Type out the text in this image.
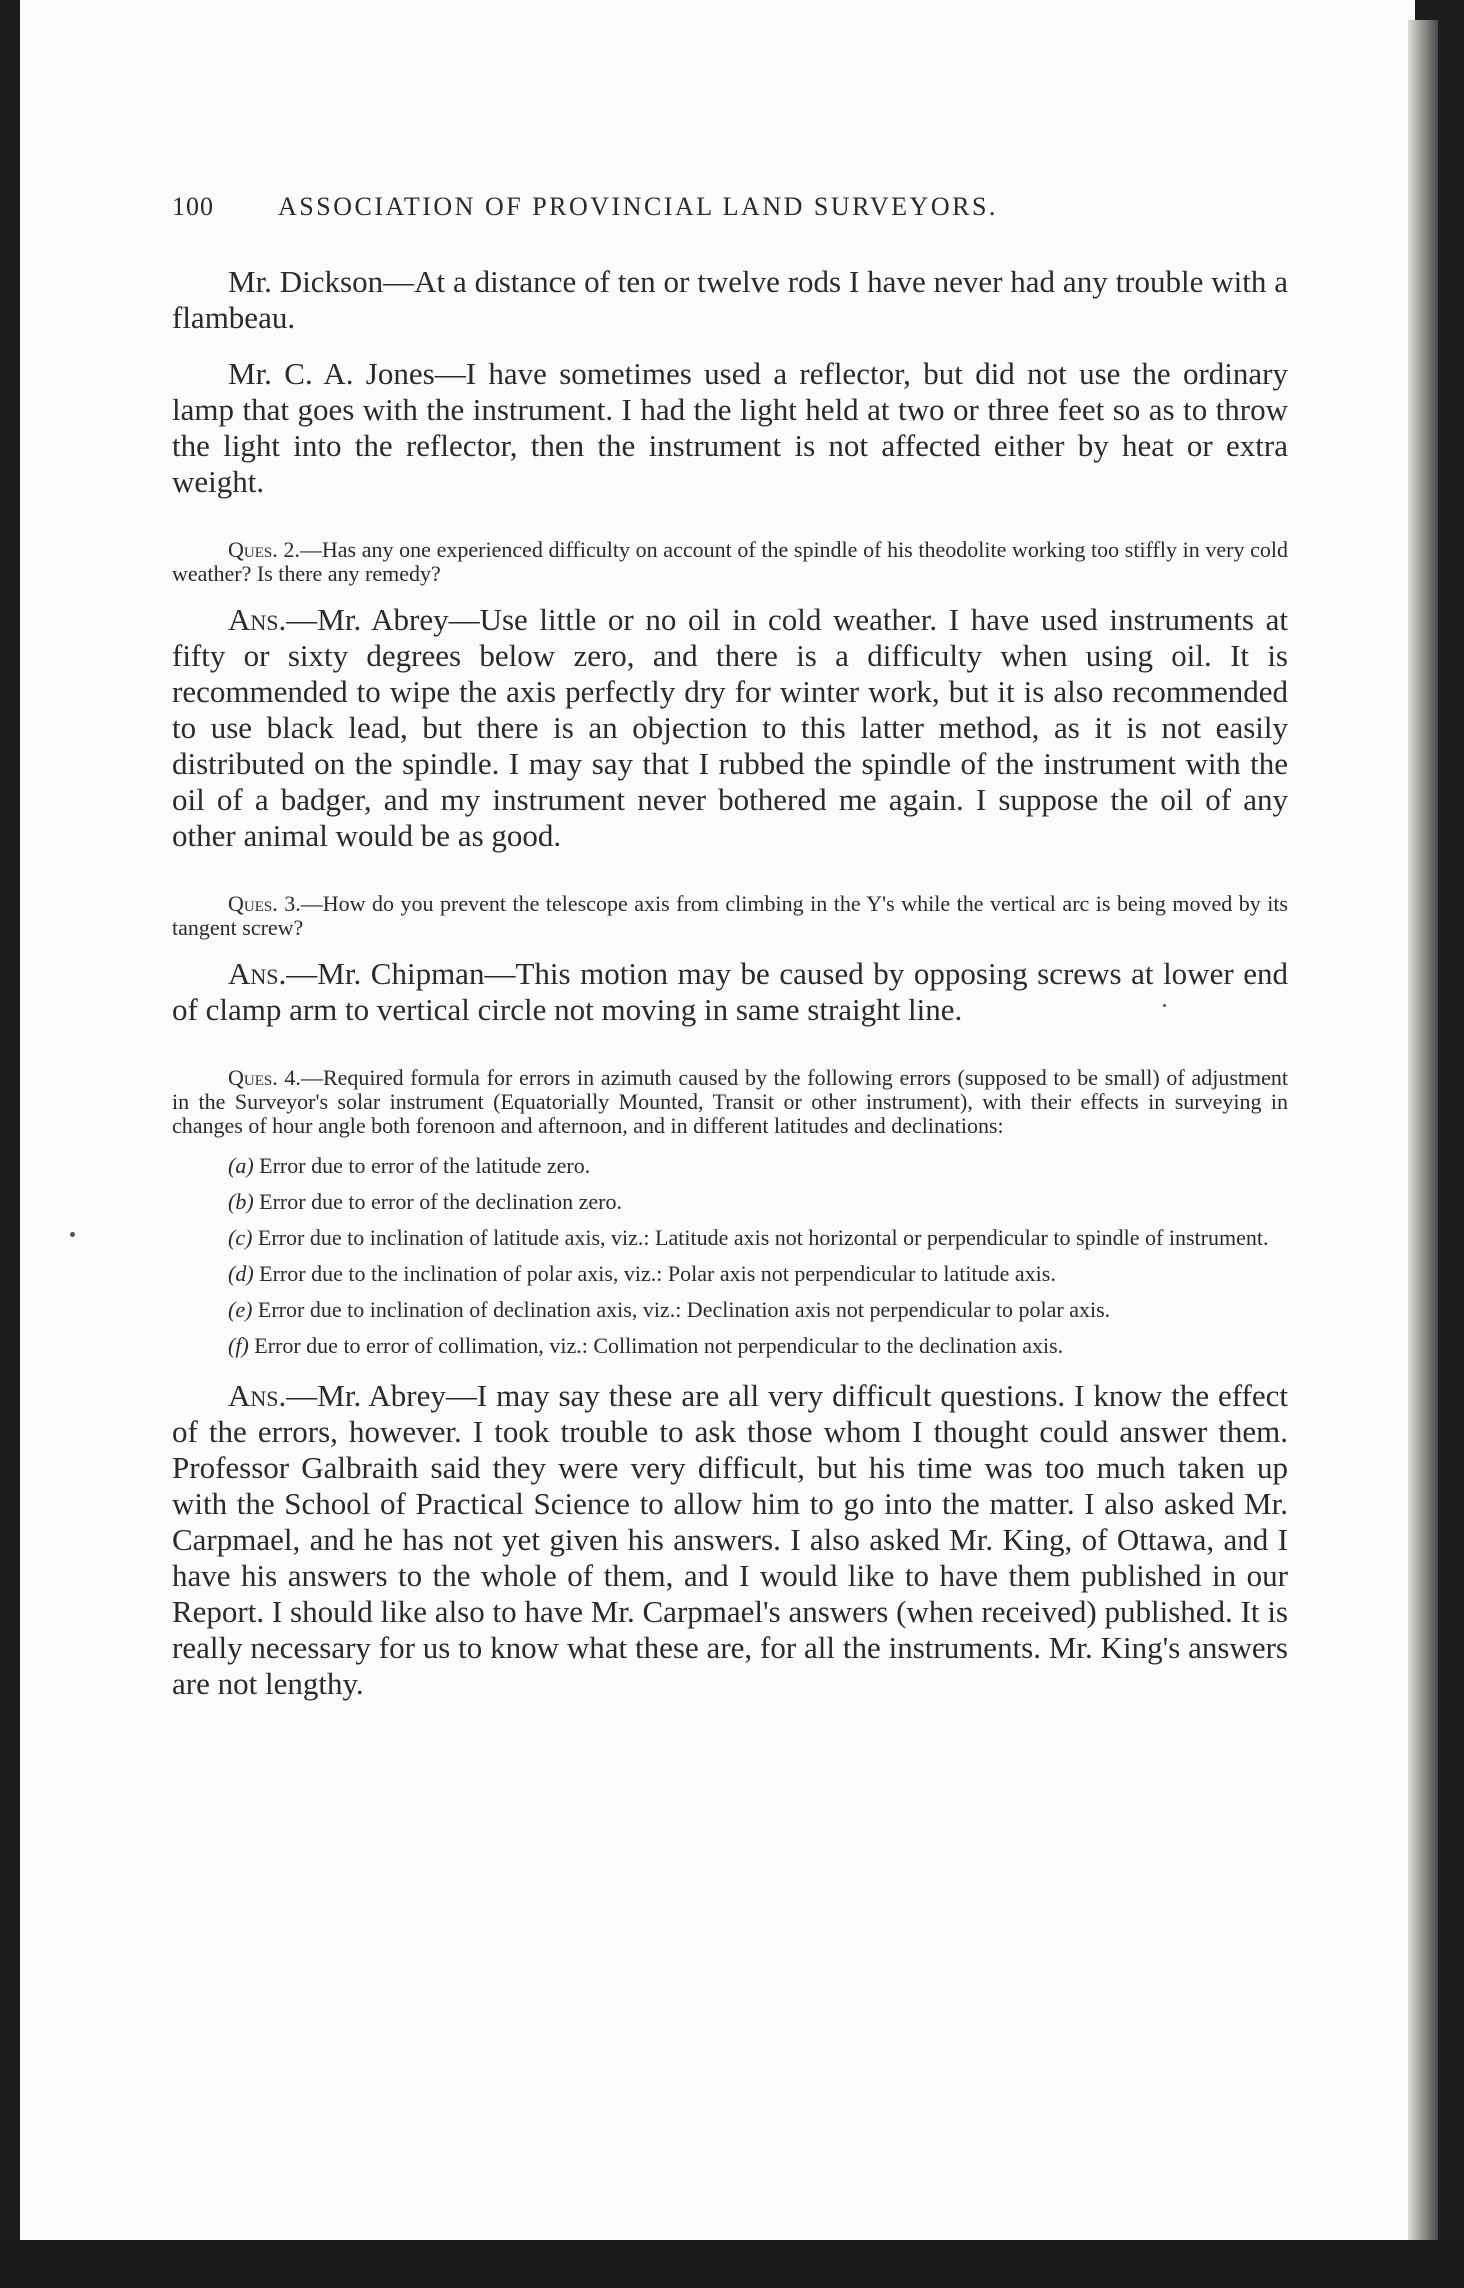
100 ASSOCIATION OF PROVINCIAL LAND SURVEYORS.

Mr. Dickson—At a distance of ten or twelve rods I have never had any trouble with a flambeau.

Mr. C. A. Jones—I have sometimes used a reflector, but did not use the ordinary lamp that goes with the instrument. I had the light held at two or three feet so as to throw the light into the reflector, then the instrument is not affected either by heat or extra weight.

Ques. 2.—Has any one experienced difficulty on account of the spindle of his theodolite working too stiffly in very cold weather? Is there any remedy?

Ans.—Mr. Abrey—Use little or no oil in cold weather. I have used instruments at fifty or sixty degrees below zero, and there is a difficulty when using oil. It is recommended to wipe the axis perfectly dry for winter work, but it is also recommended to use black lead, but there is an objection to this latter method, as it is not easily distributed on the spindle. I may say that I rubbed the spindle of the instrument with the oil of a badger, and my instrument never bothered me again. I suppose the oil of any other animal would be as good.

Ques. 3.—How do you prevent the telescope axis from climbing in the Y's while the vertical arc is being moved by its tangent screw?

Ans.—Mr. Chipman—This motion may be caused by opposing screws at lower end of clamp arm to vertical circle not moving in same straight line.

Ques. 4.—Required formula for errors in azimuth caused by the following errors (supposed to be small) of adjustment in the Surveyor's solar instrument (Equatorially Mounted, Transit or other instrument), with their effects in surveying in changes of hour angle both forenoon and afternoon, and in different latitudes and declinations:

(a) Error due to error of the latitude zero.

(b) Error due to error of the declination zero.

(c) Error due to inclination of latitude axis, viz.: Latitude axis not horizontal or perpendicular to spindle of instrument.

(d) Error due to the inclination of polar axis, viz.: Polar axis not perpendicular to latitude axis.

(e) Error due to inclination of declination axis, viz.: Declination axis not perpendicular to polar axis.

(f) Error due to error of collimation, viz.: Collimation not perpendicular to the declination axis.

Ans.—Mr. Abrey—I may say these are all very difficult questions. I know the effect of the errors, however. I took trouble to ask those whom I thought could answer them. Professor Galbraith said they were very difficult, but his time was too much taken up with the School of Practical Science to allow him to go into the matter. I also asked Mr. Carpmael, and he has not yet given his answers. I also asked Mr. King, of Ottawa, and I have his answers to the whole of them, and I would like to have them published in our Report. I should like also to have Mr. Carpmael's answers (when received) published. It is really necessary for us to know what these are, for all the instruments. Mr. King's answers are not lengthy.
